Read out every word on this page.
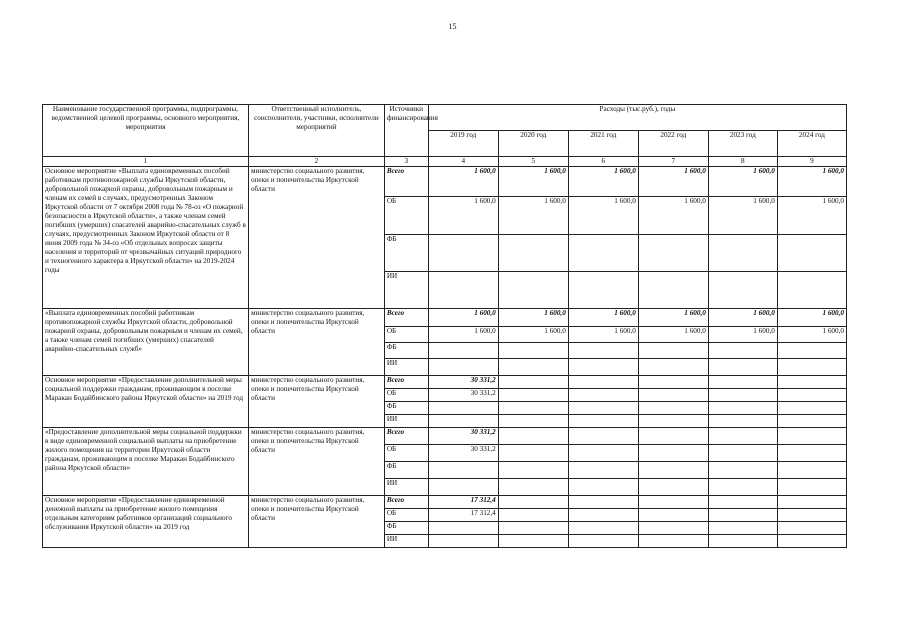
15
Наименование государственной программы, подпрограммы, ведомственной целевой программы, основного мероприятия, мероприятия	Ответственный исполнитель, соисполнители, участники, исполнители мероприятий	Источники финансирования	Расходы (тыс.руб.), годы					
			2019 год	2020 год	2021 год	2022 год	2023 год	2024 год
1	2	3	4	5	6	7	8	9
Основное мероприятие «Выплата единовременных пособий работникам противопожарной службы Иркутской области, добровольной пожарной охраны, добровольным пожарным и членам их семей в случаях, предусмотренных Законом Иркутской области от 7 октября 2008 года № 78-оз «О пожарной безопасности в Иркутской области», а также членам семей погибших (умерших) спасателей аварийно-спасательных служб в случаях, предусмотренных Законом Иркутской области от 8 июня 2009 года № 34-оз «Об отдельных вопросах защиты населения и территорий от чрезвычайных ситуаций природного и техногенного характера в Иркутской области» на 2019-2024 годы	министерство социального развития, опеки и попечительства Иркутской области	Всего	1 600,0	1 600,0	1 600,0	1 600,0	1 600,0	1 600,0
		ОБ	1 600,0	1 600,0	1 600,0	1 600,0	1 600,0	1 600,0
		ФБ						
		ИИ						
«Выплата единовременных пособий работникам противопожарной службы Иркутской области, добровольной пожарной охраны, добровольным пожарным и членам их семей, а также членам семей погибших (умерших) спасателей аварийно-спасательных служб»	министерство социального развития, опеки и попечительства Иркутской области	Всего	1 600,0	1 600,0	1 600,0	1 600,0	1 600,0	1 600,0
		ОБ	1 600,0	1 600,0	1 600,0	1 600,0	1 600,0	1 600,0
		ФБ						
		ИИ						
Основное мероприятие «Предоставление дополнительной меры социальной поддержки гражданам, проживающим в поселке Маракан Бодайбинского района Иркутской области» на 2019 год	министерство социального развития, опеки и попечительства Иркутской области	Всего	30 331,2					
		ОБ	30 331,2					
		ФБ						
		ИИ						
«Предоставление дополнительной меры социальной поддержки в виде единовременной социальной выплаты на приобретение жилого помещения на территории Иркутской области гражданам, проживающим в поселке Маракан Бодайбинского района Иркутской области»	министерство социального развития, опеки и попечительства Иркутской области	Всего	30 331,2					
		ОБ	30 331,2					
		ФБ						
		ИИ						
Основное мероприятие «Предоставление единовременной денежной выплаты на приобретение жилого помещения отдельным категориям работников организаций социального обслуживания Иркутской области» на 2019 год	министерство социального развития, опеки и попечительства Иркутской области	Всего	17 312,4					
		ОБ	17 312,4					
		ФБ						
		ИИ						
